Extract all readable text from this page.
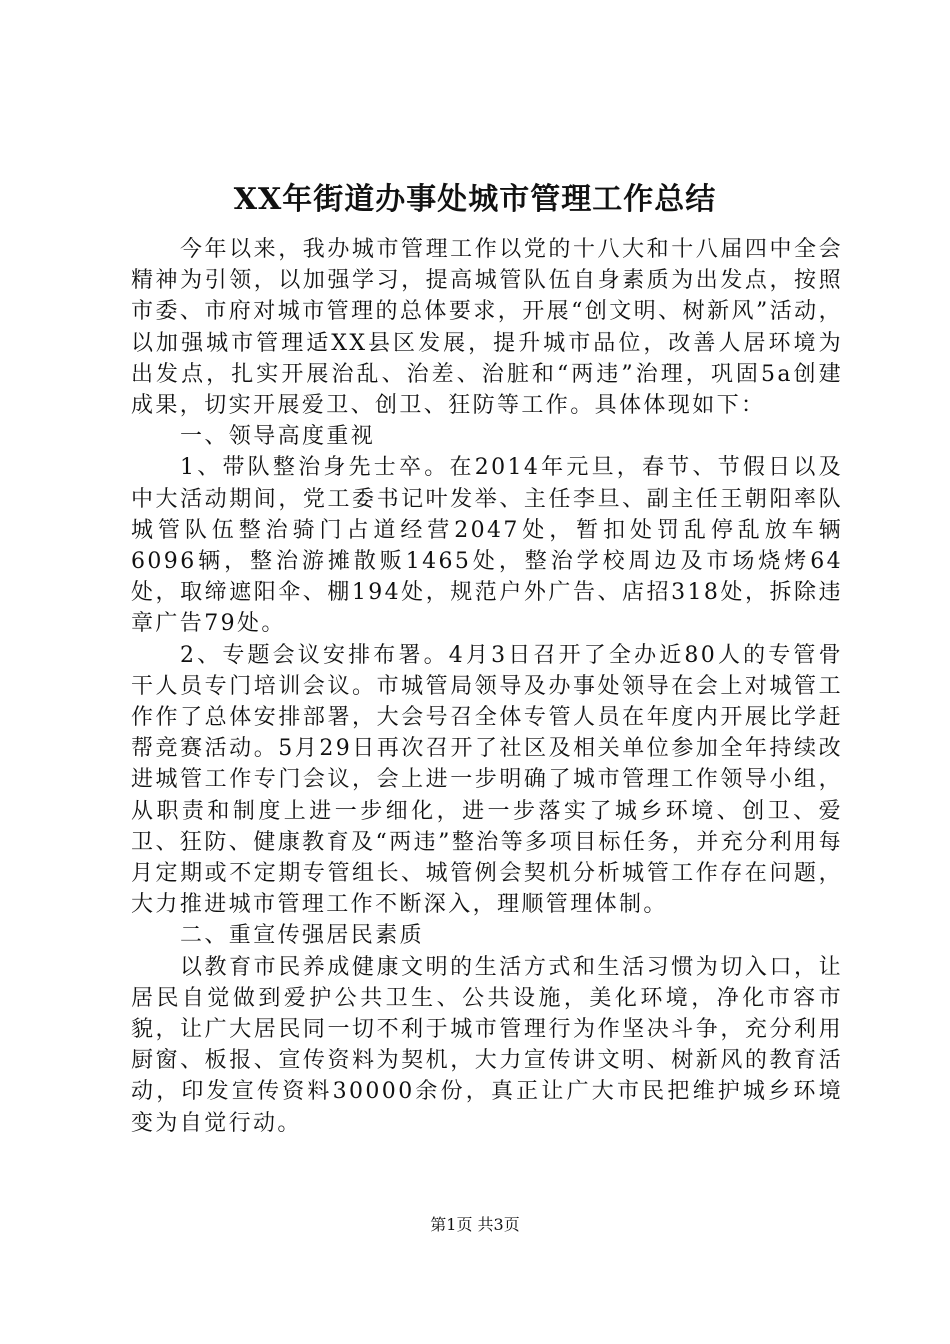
XX年街道办事处城市管理工作总结

今年以来，我办城市管理工作以党的十八大和十八届四中全会精神为引领，以加强学习，提高城管队伍自身素质为出发点，按照市委、市府对城市管理的总体要求，开展“创文明、树新风”活动，以加强城市管理适XX县区发展，提升城市品位，改善人居环境为出发点，扎实开展治乱、治差、治脏和“两违”治理，巩固5a创建成果，切实开展爱卫、创卫、狂防等工作。具体体现如下：

一、领导高度重视

1、带队整治身先士卒。在2014年元旦，春节、节假日以及中大活动期间，党工委书记叶发举、主任李旦、副主任王朝阳率队城管队伍整治骑门占道经营2047处，暂扣处罚乱停乱放车辆6096辆，整治游摊散贩1465处，整治学校周边及市场烧烤64处，取缔遮阳伞、棚194处，规范户外广告、店招318处，拆除违章广告79处。

2、专题会议安排布署。4月3日召开了全办近80人的专管骨干人员专门培训会议。市城管局领导及办事处领导在会上对城管工作作了总体安排部署，大会号召全体专管人员在年度内开展比学赶帮竞赛活动。5月29日再次召开了社区及相关单位参加全年持续改进城管工作专门会议，会上进一步明确了城市管理工作领导小组，从职责和制度上进一步细化，进一步落实了城乡环境、创卫、爱卫、狂防、健康教育及“两违”整治等多项目标任务，并充分利用每月定期或不定期专管组长、城管例会契机分析城管工作存在问题，大力推进城市管理工作不断深入，理顺管理体制。

二、重宣传强居民素质

以教育市民养成健康文明的生活方式和生活习惯为切入口，让居民自觉做到爱护公共卫生、公共设施，美化环境，净化市容市貌，让广大居民同一切不利于城市管理行为作坚决斗争，充分利用厨窗、板报、宣传资料为契机，大力宣传讲文明、树新风的教育活动，印发宣传资料30000余份，真正让广大市民把维护城乡环境变为自觉行动。

第1页 共3页
